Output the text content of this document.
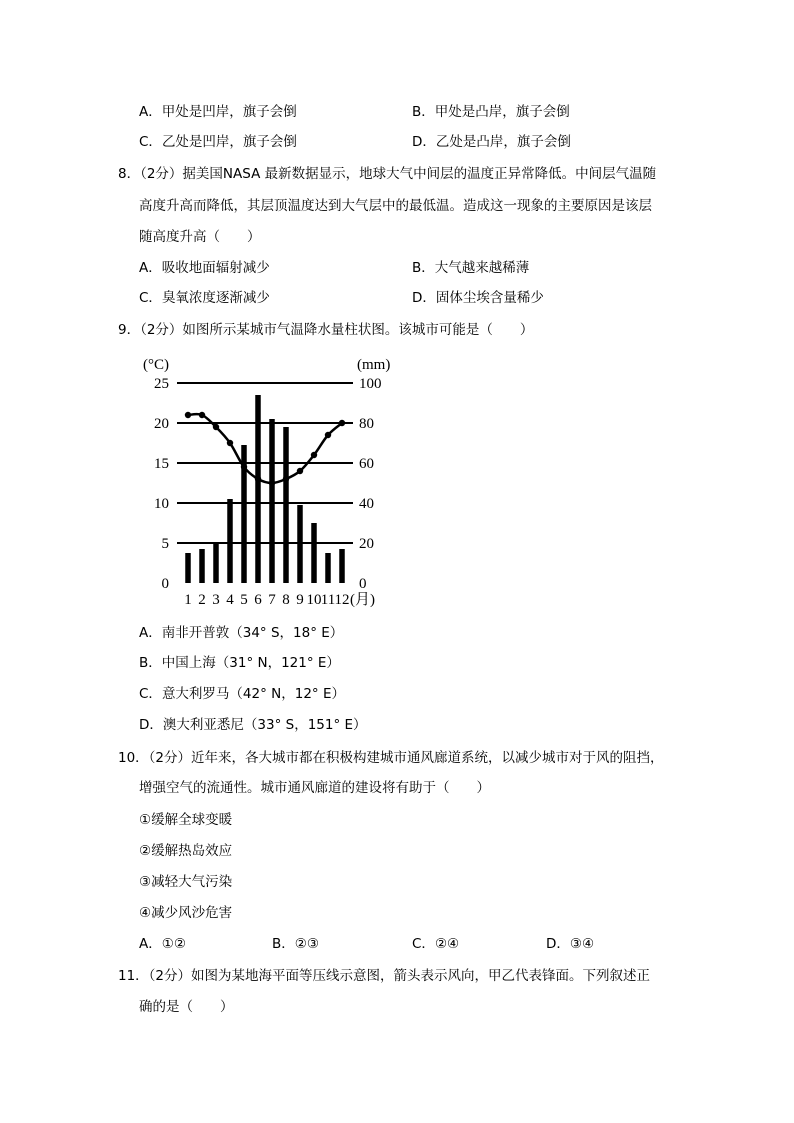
A．甲处是凹岸，旗子会倒	B．甲处是凸岸，旗子会倒
C．乙处是凹岸，旗子会倒	D．乙处是凸岸，旗子会倒
8．（2分）据美国NASA 最新数据显示，地球大气中间层的温度正异常降低。中间层气温随
高度升高而降低，其层顶温度达到大气层中的最低温。造成这一现象的主要原因是该层
随高度升高（　　）
A．吸收地面辐射减少	B．大气越来越稀薄
C．臭氧浓度逐渐减少	D．固体尘埃含量稀少
9．（2分）如图所示某城市气温降水量柱状图。该城市可能是（　　）
(°C)	(mm)
25	100
20	80
15	60
10	40
5	20
0	0
1 2 3 4 5 6 7 8 9 10 11 12 (月)
A．南非开普敦（34° S，18° E）
B．中国上海（31° N，121° E）
C．意大利罗马（42° N，12° E）
D．澳大利亚悉尼（33° S，151° E）
10．（2分）近年来，各大城市都在积极构建城市通风廊道系统，以减少城市对于风的阻挡，
增强空气的流通性。城市通风廊道的建设将有助于（　　）
①缓解全球变暖
②缓解热岛效应
③减轻大气污染
④减少风沙危害
A．①②	B．②③	C．②④	D．③④
11．（2分）如图为某地海平面等压线示意图，箭头表示风向，甲乙代表锋面。下列叙述正
确的是（　　）
